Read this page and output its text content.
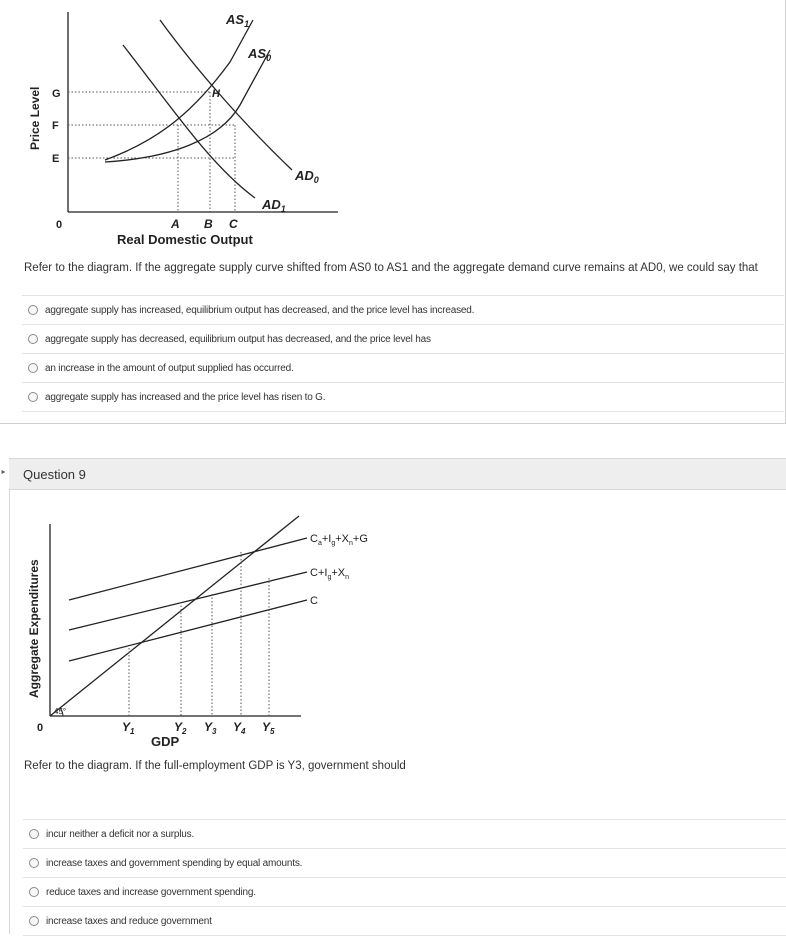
$AS_1$
$AS_0$
$AD_0$
$AD_1$
H
G
F
E
0	A B C
Real Domestic Output
Price Level
Refer to the diagram. If the aggregate supply curve shifted from AS0 to AS1 and the aggregate demand curve remains at AD0, we could say that
aggregate supply has increased, equilibrium output has decreased, and the price level has increased.
aggregate supply has decreased, equilibrium output has decreased, and the price level has
an increase in the amount of output supplied has occurred.
aggregate supply has increased and the price level has risen to G.
‣ Question 9
45°
$C_a+I_g+X_n+G$
$C+I_g+X_n$
C
0	$Y_1$	$Y_2$ $Y_3$ $Y_4$ $Y_5$
GDP
Aggregate Expenditures
Refer to the diagram. If the full-employment GDP is Y3, government should
incur neither a deficit nor a surplus.
increase taxes and government spending by equal amounts.
reduce taxes and increase government spending.
increase taxes and reduce government
